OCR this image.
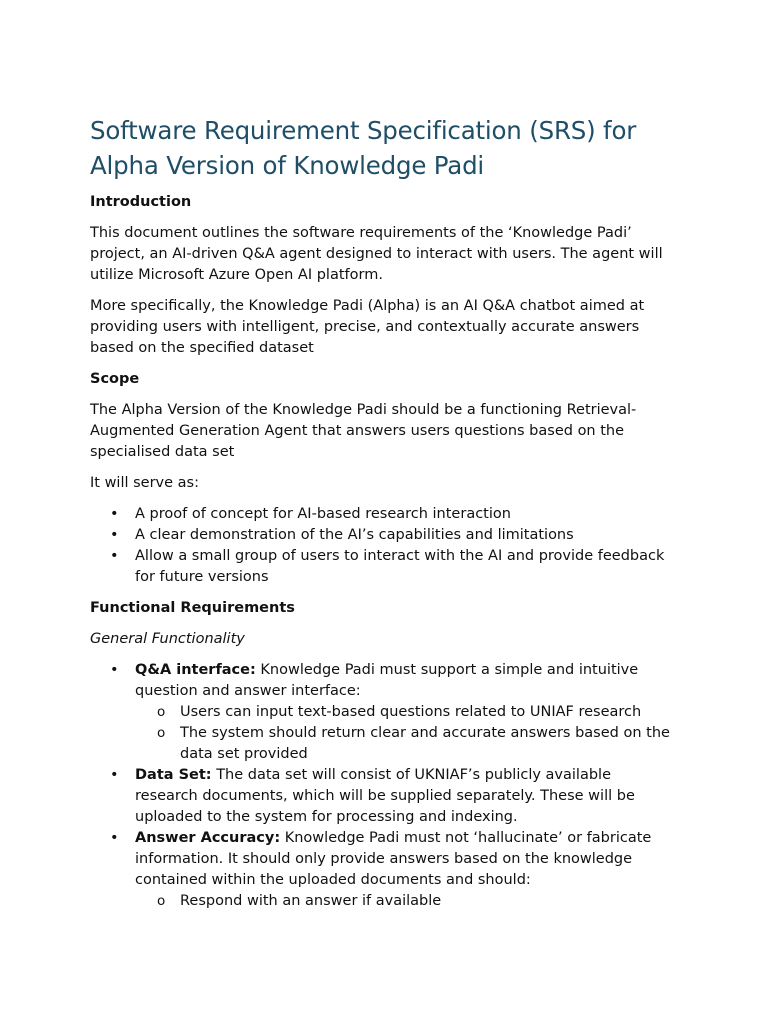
Software Requirement Specification (SRS) for Alpha Version of Knowledge Padi

Introduction

This document outlines the software requirements of the ‘Knowledge Padi’ project, an AI-driven Q&A agent designed to interact with users. The agent will utilize Microsoft Azure Open AI platform.

More specifically, the Knowledge Padi (Alpha) is an AI Q&A chatbot aimed at providing users with intelligent, precise, and contextually accurate answers based on the specified dataset

Scope

The Alpha Version of the Knowledge Padi should be a functioning Retrieval-Augmented Generation Agent that answers users questions based on the specialised data set

It will serve as:

• A proof of concept for AI-based research interaction
• A clear demonstration of the AI’s capabilities and limitations
• Allow a small group of users to interact with the AI and provide feedback for future versions

Functional Requirements

General Functionality

• Q&A interface: Knowledge Padi must support a simple and intuitive question and answer interface:
o Users can input text-based questions related to UNIAF research
o The system should return clear and accurate answers based on the data set provided
• Data Set: The data set will consist of UKNIAF’s publicly available research documents, which will be supplied separately. These will be uploaded to the system for processing and indexing.
• Answer Accuracy: Knowledge Padi must not ‘hallucinate’ or fabricate information. It should only provide answers based on the knowledge contained within the uploaded documents and should:
o Respond with an answer if available
